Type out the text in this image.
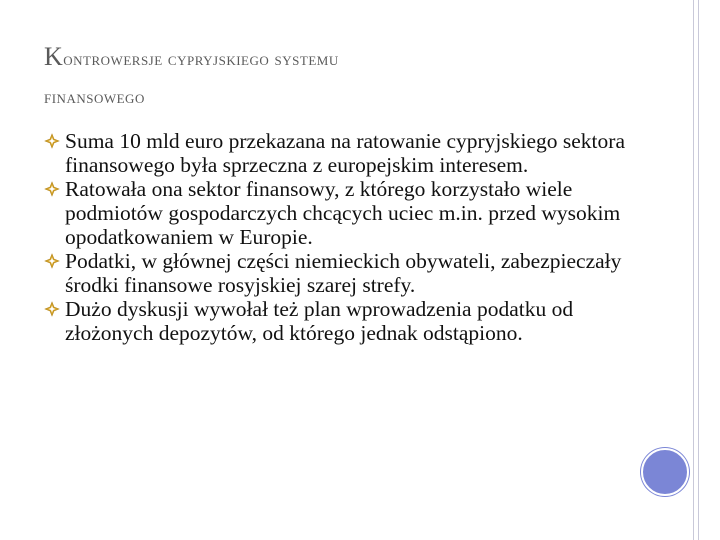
Kontrowersje cypryjskiego systemu
finansowego
Suma 10 mld euro przekazana na ratowanie cypryjskiego sektora finansowego była sprzeczna z europejskim interesem.
Ratowała ona sektor finansowy, z którego korzystało wiele podmiotów gospodarczych chcących uciec m.in. przed wysokim opodatkowaniem w Europie.
Podatki, w głównej części niemieckich obywateli, zabezpieczały środki finansowe rosyjskiej szarej strefy.
Dużo dyskusji wywołał też plan wprowadzenia podatku od złożonych depozytów, od którego jednak odstąpiono.
